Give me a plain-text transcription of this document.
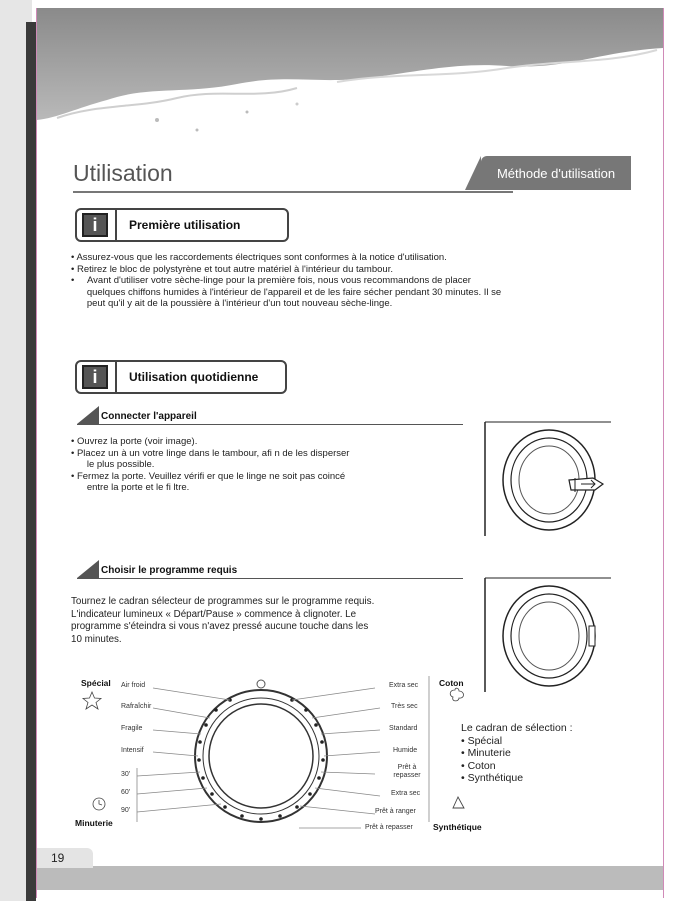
Utilisation	Méthode d'utilisation
i	Première utilisation

• Assurez-vous que les raccordements électriques sont conformes à la notice d'utilisation.

• Retirez le bloc de polystyrène et tout autre matériel à l'intérieur du tambour.

•     Avant d'utiliser votre sèche-linge pour la première fois, nous vous recommandons de placer

quelques chiffons humides à l'intérieur de l'appareil et de les faire sécher pendant 30 minutes. Il se

peut qu'il y ait de la poussière à l'intérieur d'un tout nouveau sèche-linge.

i	Utilisation quotidienne
Connecter l'appareil

• Ouvrez la porte (voir image).

• Placez un à un votre linge dans le tambour, afi n de les disperser

le plus possible.

• Fermez la porte. Veuillez vérifi er que le linge ne soit pas coincé

entre la porte et le fi ltre.

Choisir le programme requis

Tournez le cadran sélecteur de programmes sur le programme requis.

L'indicateur lumineux « Départ/Pause » commence à clignoter. Le

programme s'éteindra si vous n'avez pressé aucune touche dans les

10 minutes.

Spécial
Minuterie
Coton
Synthétique
Air froid
Rafraîchir
Fragile
Intensif
30'
60'
90'
Extra sec
Très sec
Standard
Humide
Prêt à repasser
Extra sec
Prêt à ranger
Prêt à repasser
Le cadran de sélection :
• Spécial
• Minuterie
• Coton
• Synthétique
19
